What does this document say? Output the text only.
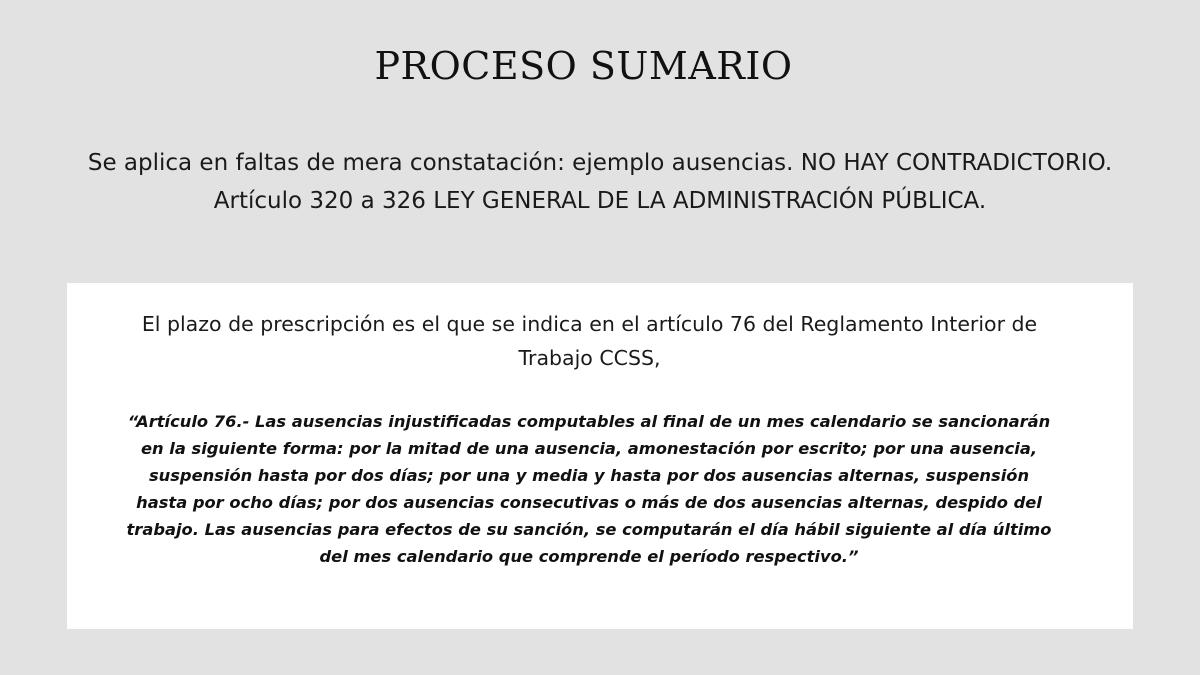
PROCESO SUMARIO
Se aplica en faltas de mera constatación: ejemplo ausencias. NO HAY CONTRADICTORIO.
Artículo 320 a 326 LEY GENERAL DE LA ADMINISTRACIÓN PÚBLICA.
El plazo de prescripción es el que se indica en el artículo 76 del Reglamento Interior de
Trabajo CCSS,
“Artículo 76.- Las ausencias injustificadas computables al final de un mes calendario se sancionarán
en la siguiente forma: por la mitad de una ausencia, amonestación por escrito; por una ausencia,
suspensión hasta por dos días; por una y media y hasta por dos ausencias alternas, suspensión
hasta por ocho días; por dos ausencias consecutivas o más de dos ausencias alternas, despido del
trabajo. Las ausencias para efectos de su sanción, se computarán el día hábil siguiente al día último
del mes calendario que comprende el período respectivo.”
